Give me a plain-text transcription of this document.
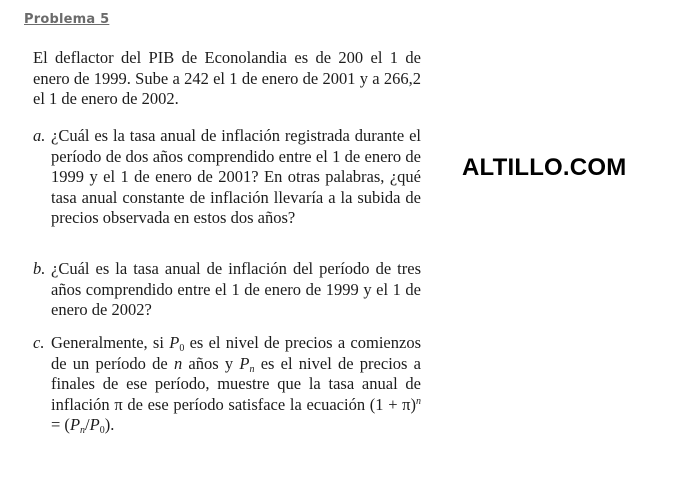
Problema 5
El deflactor del PIB de Econolandia es de 200 el 1 de enero de 1999. Sube a 242 el 1 de enero de 2001 y a 266,2 el 1 de enero de 2002.
a. ¿Cuál es la tasa anual de inflación registrada durante el período de dos años comprendido entre el 1 de enero de 1999 y el 1 de enero de 2001? En otras palabras, ¿qué tasa anual constante de inflación llevaría a la subida de precios observada en estos dos años?
b. ¿Cuál es la tasa anual de inflación del período de tres años comprendido entre el 1 de enero de 1999 y el 1 de enero de 2002?
c. Generalmente, si $P_0$ es el nivel de precios a comienzos de un período de n años y $P_n$ es el nivel de precios a finales de ese período, muestre que la tasa anual de inflación π de ese período satisface la ecuación $(1 + \pi)^n = (P_n/P_0)$.
ALTILLO.COM
